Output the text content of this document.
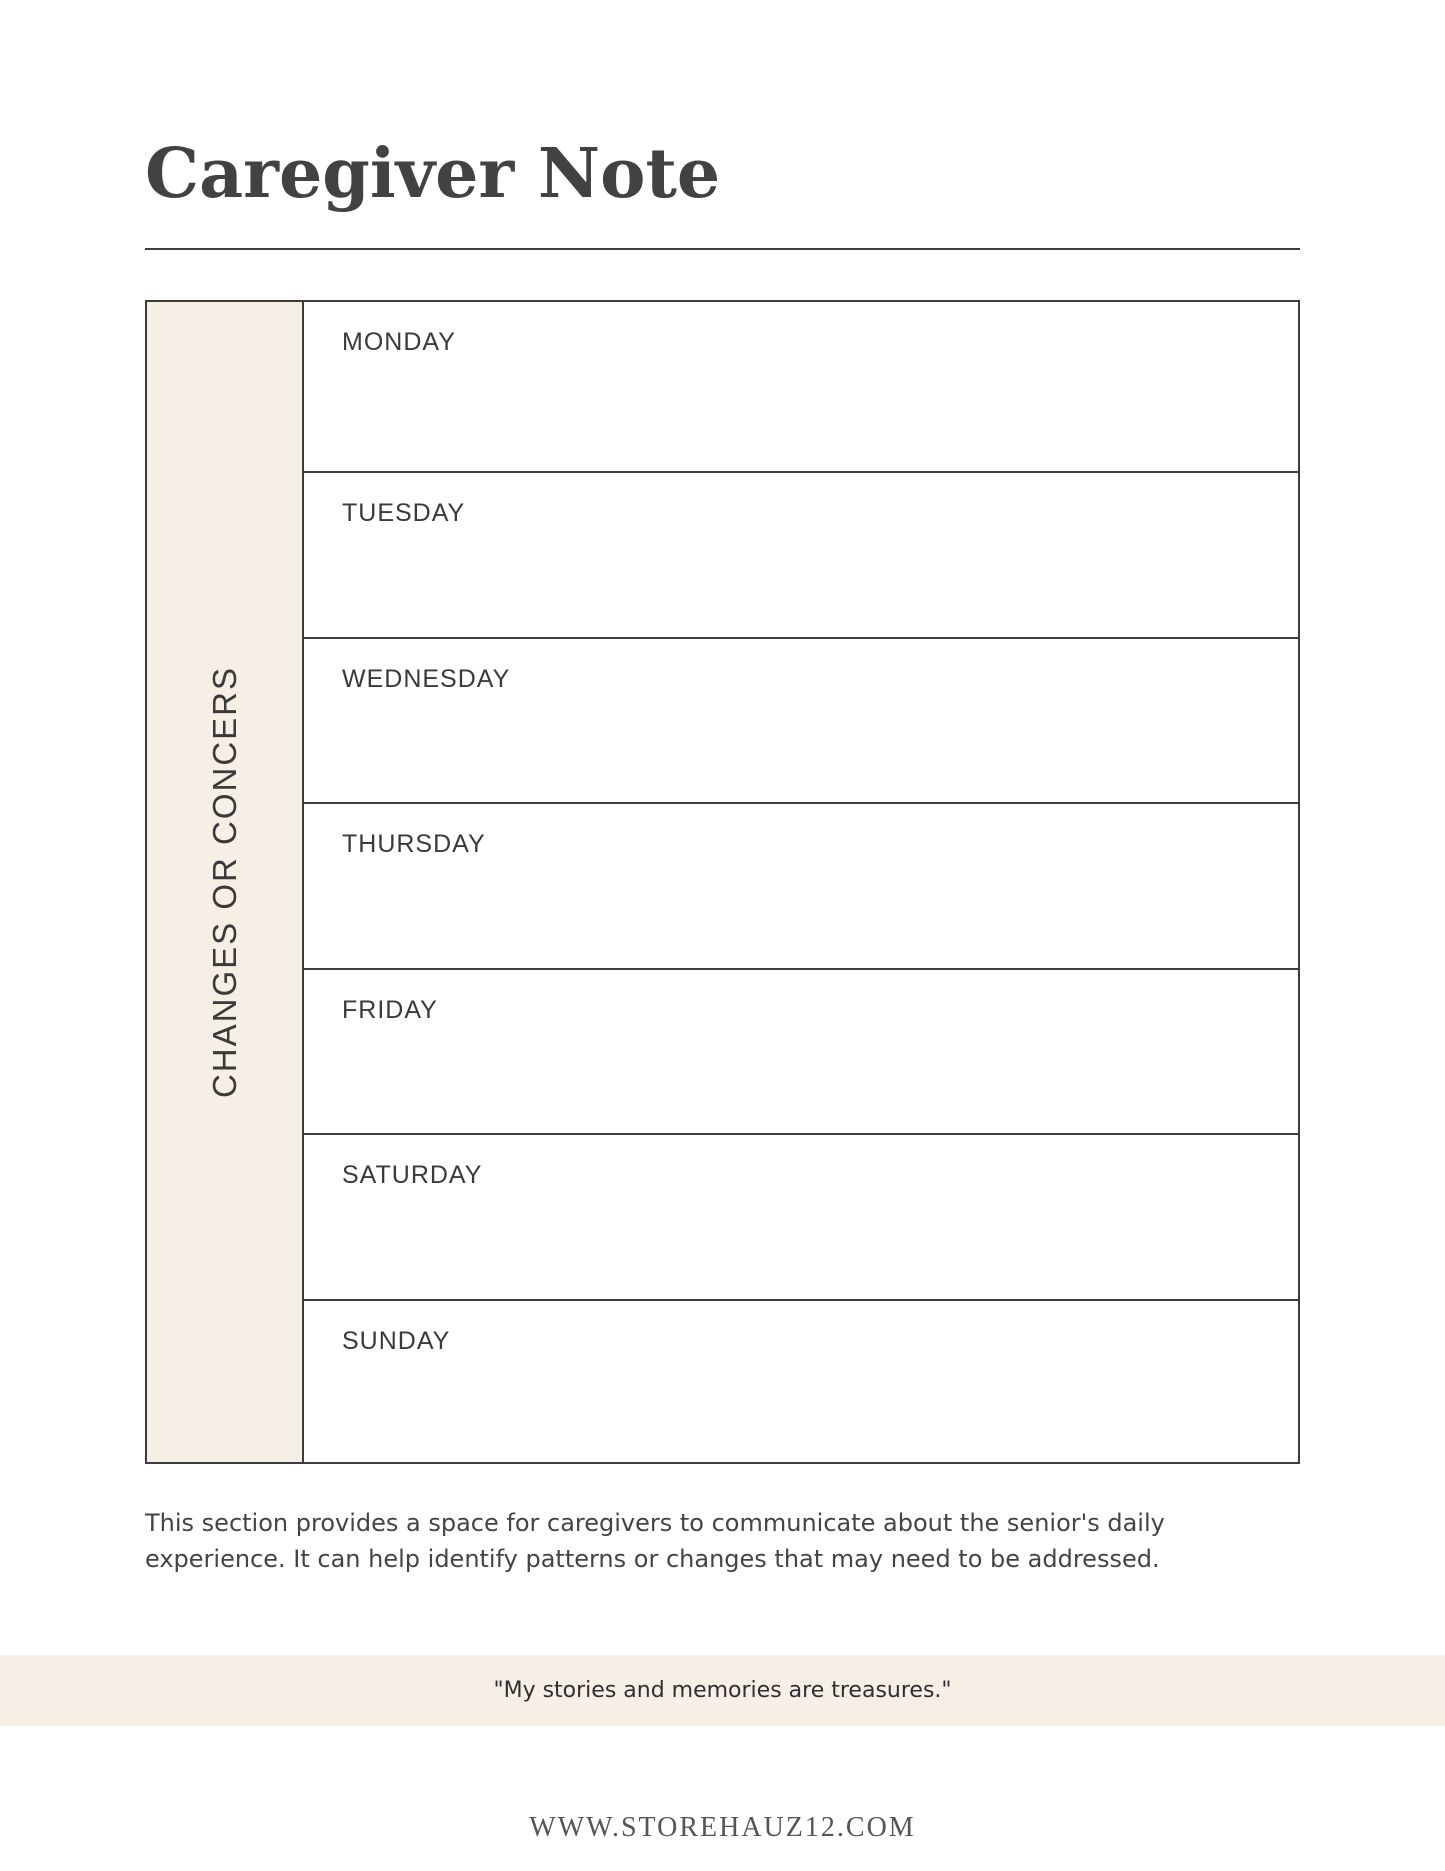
Caregiver Note
CHANGES OR CONCERS
MONDAY
TUESDAY
WEDNESDAY
THURSDAY
FRIDAY
SATURDAY
SUNDAY

This section provides a space for caregivers to communicate about the senior's daily experience. It can help identify patterns or changes that may need to be addressed.

"My stories and memories are treasures."
WWW.STOREHAUZ12.COM
